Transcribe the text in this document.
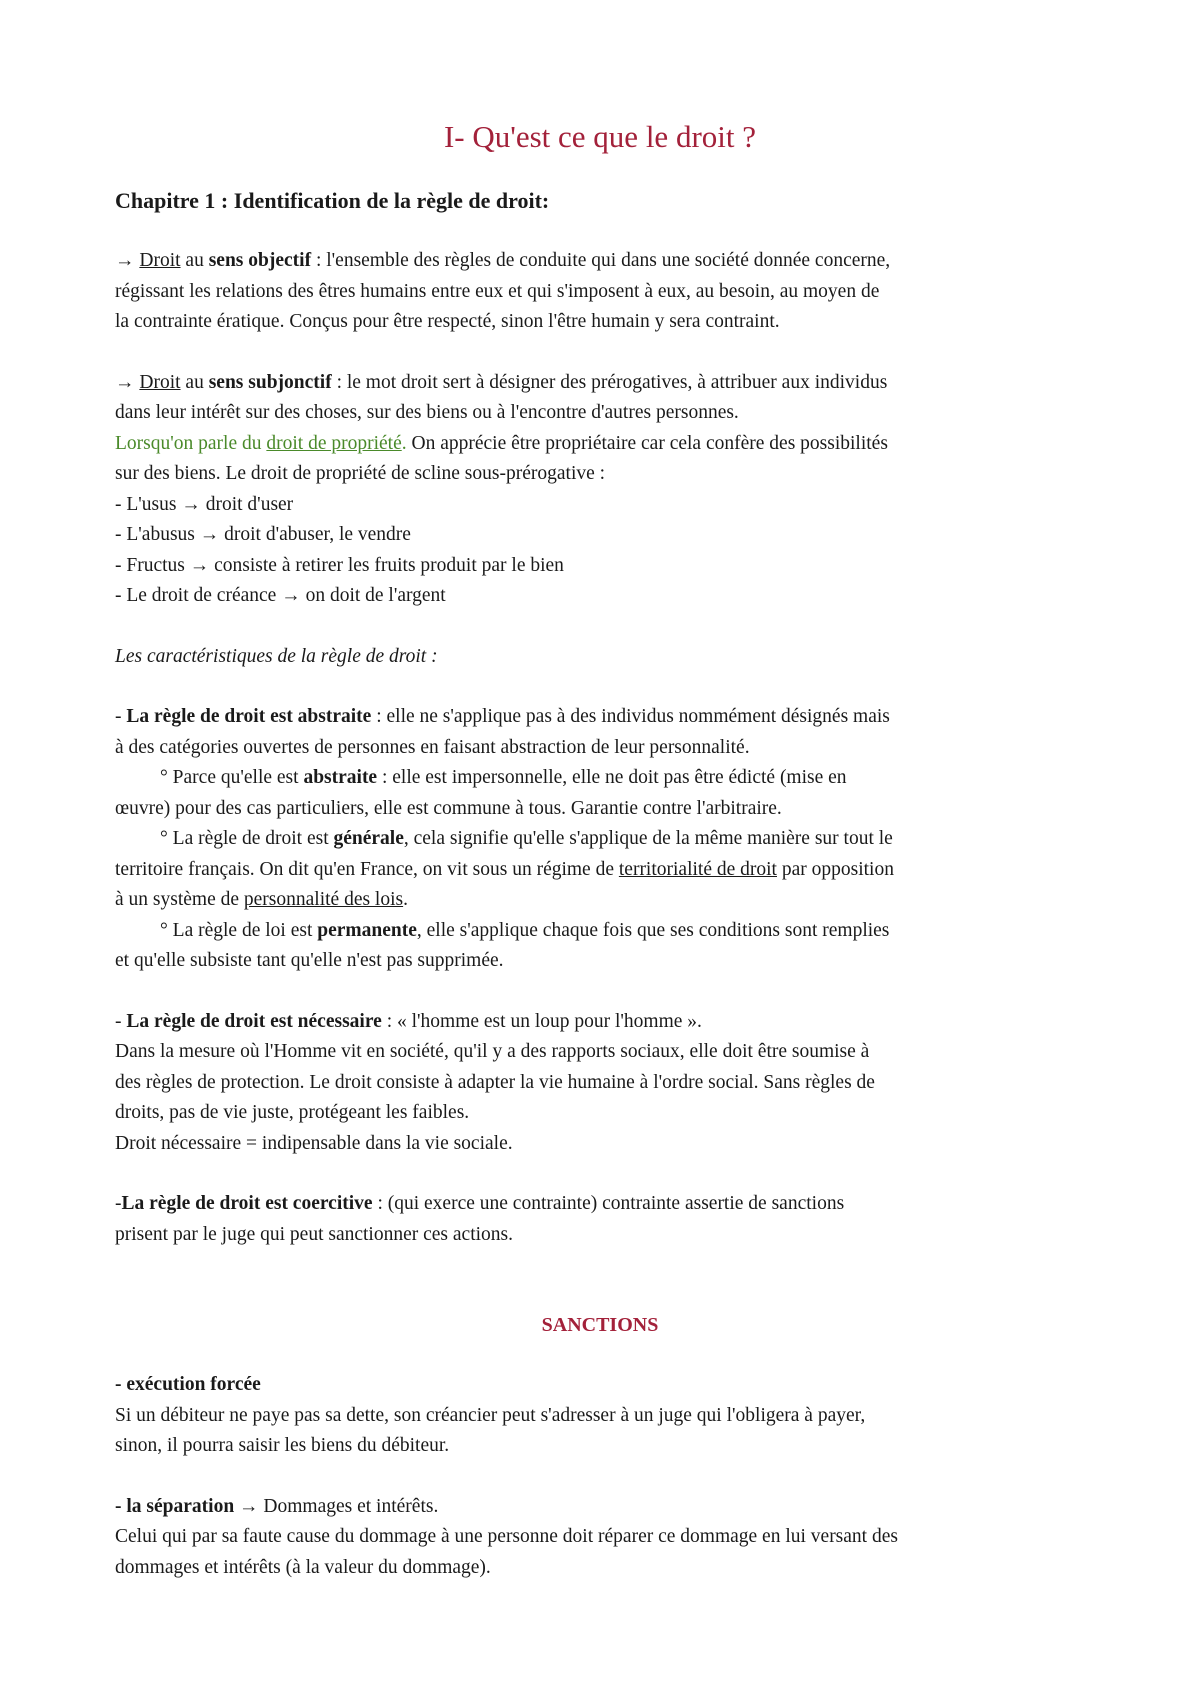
I- Qu'est ce que le droit ?
Chapitre 1 : Identification de la règle de droit:

→ Droit au sens objectif : l'ensemble des règles de conduite qui dans une société donnée concerne,

régissant les relations des êtres humains entre eux et qui s'imposent à eux, au besoin, au moyen de

la contrainte ératique. Conçus pour être respecté, sinon l'être humain y sera contraint.

→ Droit au sens subjonctif : le mot droit sert à désigner des prérogatives, à attribuer aux individus

dans leur intérêt sur des choses, sur des biens ou à l'encontre d'autres personnes.

Lorsqu'on parle du droit de propriété. On apprécie être propriétaire car cela confère des possibilités

sur des biens. Le droit de propriété de scline sous-prérogative :

- L'usus → droit d'user

- L'abusus → droit d'abuser, le vendre

- Fructus → consiste à retirer les fruits produit par le bien

- Le droit de créance → on doit de l'argent

Les caractéristiques de la règle de droit :

- La règle de droit est abstraite : elle ne s'applique pas à des individus nommément désignés mais

à des catégories ouvertes de personnes en faisant abstraction de leur personnalité.

° Parce qu'elle est abstraite : elle est impersonnelle, elle ne doit pas être édicté (mise en

œuvre) pour des cas particuliers, elle est commune à tous. Garantie contre l'arbitraire.

° La règle de droit est générale, cela signifie qu'elle s'applique de la même manière sur tout le

territoire français. On dit qu'en France, on vit sous un régime de territorialité de droit par opposition

à un système de personnalité des lois.

° La règle de loi est permanente, elle s'applique chaque fois que ses conditions sont remplies

et qu'elle subsiste tant qu'elle n'est pas supprimée.

- La règle de droit est nécessaire : « l'homme est un loup pour l'homme ».

Dans la mesure où l'Homme vit en société, qu'il y a des rapports sociaux, elle doit être soumise à

des règles de protection. Le droit consiste à adapter la vie humaine à l'ordre social. Sans règles de

droits, pas de vie juste, protégeant les faibles.

Droit nécessaire = indipensable dans la vie sociale.

-La règle de droit est coercitive : (qui exerce une contrainte) contrainte assertie de sanctions

prisent par le juge qui peut sanctionner ces actions.

SANCTIONS

- exécution forcée

Si un débiteur ne paye pas sa dette, son créancier peut s'adresser à un juge qui l'obligera à payer,

sinon, il pourra saisir les biens du débiteur.

- la séparation → Dommages et intérêts.

Celui qui par sa faute cause du dommage à une personne doit réparer ce dommage en lui versant des

dommages et intérêts (à la valeur du dommage).
